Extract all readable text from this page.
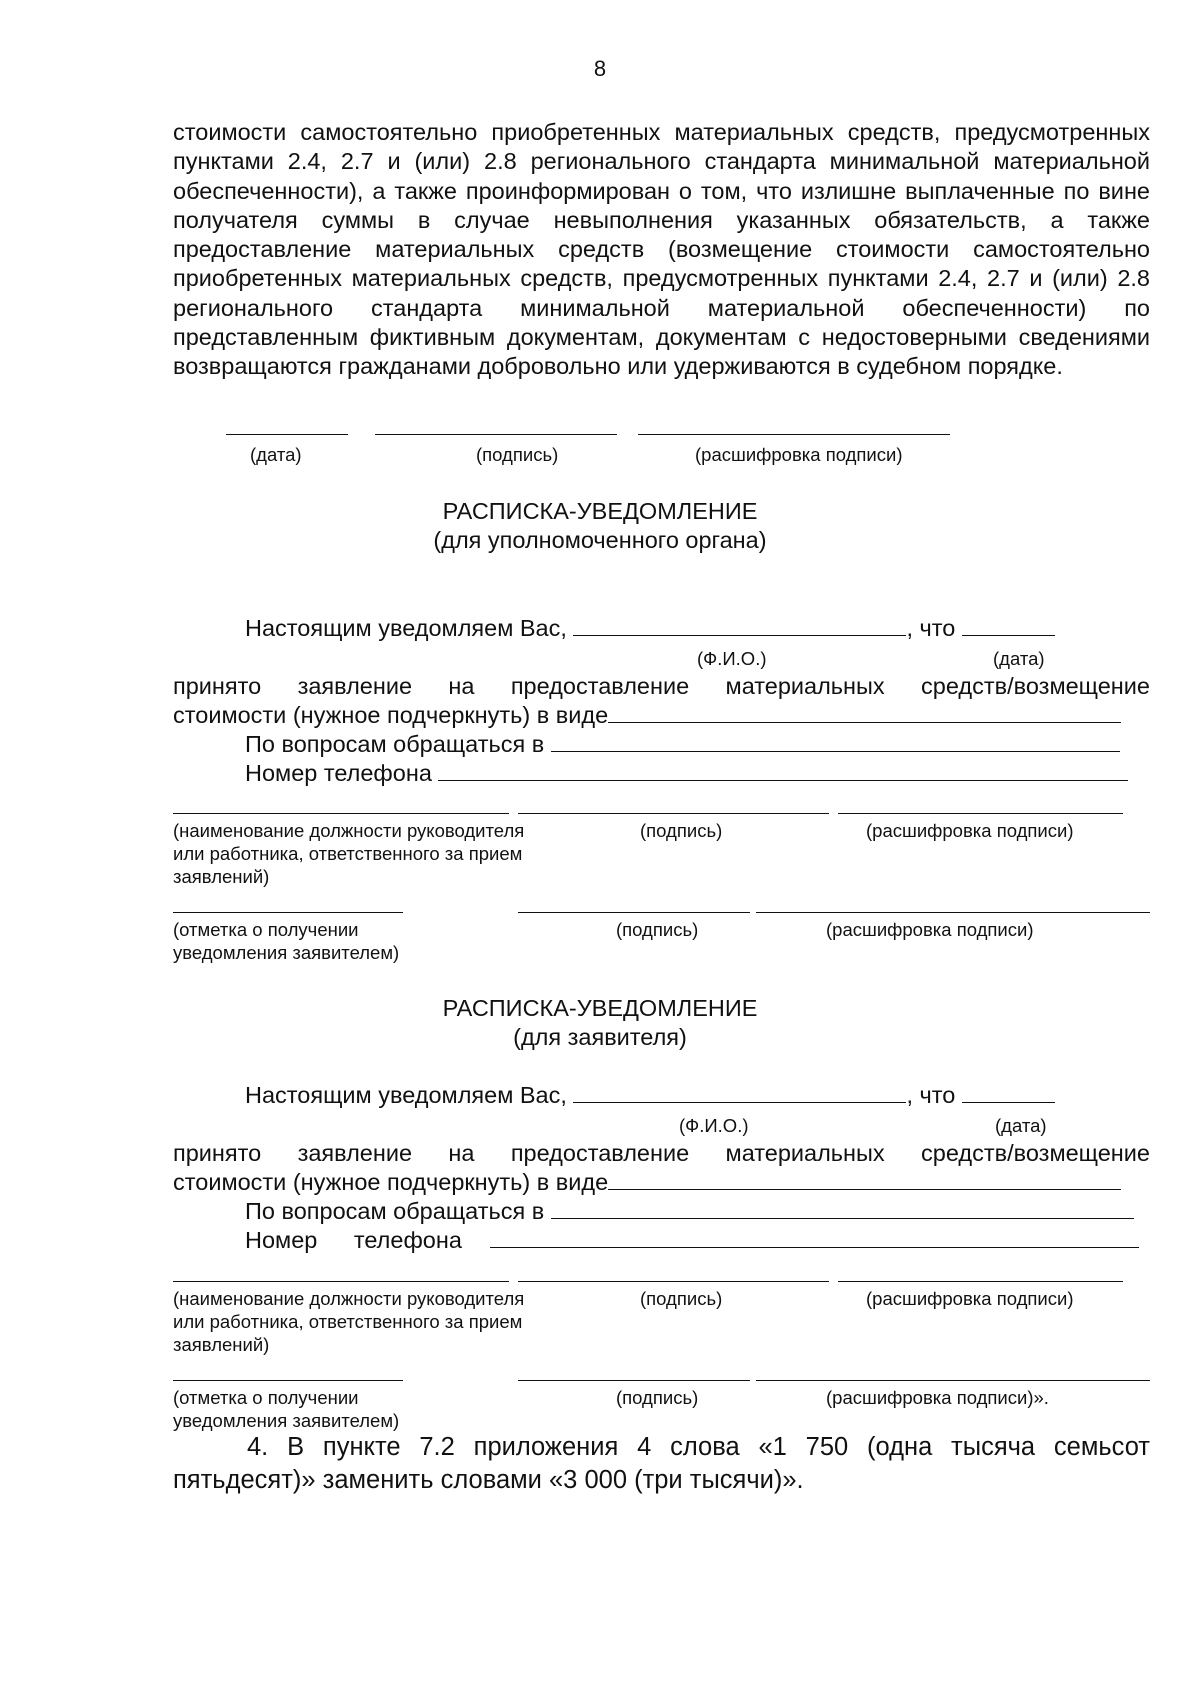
8
стоимости самостоятельно приобретенных материальных средств, предусмотренных пунктами 2.4, 2.7 и (или) 2.8 регионального стандарта минимальной материальной обеспеченности), а также проинформирован о том, что излишне выплаченные по вине получателя суммы в случае невыполнения указанных обязательств, а также предоставление материальных средств (возмещение стоимости самостоятельно приобретенных материальных средств, предусмотренных пунктами 2.4, 2.7 и (или) 2.8 регионального стандарта минимальной материальной обеспеченности) по представленным фиктивным документам, документам с недостоверными сведениями возвращаются гражданами добровольно или удерживаются в судебном порядке.
(дата)	(подпись)	(расшифровка подписи)
РАСПИСКА-УВЕДОМЛЕНИЕ
(для уполномоченного органа)
Настоящим уведомляем Вас,	, что
(Ф.И.О.)	(дата)
принято заявление на предоставление материальных средств/возмещение
стоимости (нужное подчеркнуть) в виде
По вопросам обращаться в
Номер телефона
(наименование должности руководителя или работника, ответственного за прием заявлений)
(подпись)	(расшифровка подписи)
(отметка о получении уведомления заявителем)
(подпись)	(расшифровка подписи)
РАСПИСКА-УВЕДОМЛЕНИЕ
(для заявителя)
Настоящим уведомляем Вас,	, что
(Ф.И.О.)	(дата)
принято заявление на предоставление материальных средств/возмещение
стоимости (нужное подчеркнуть) в виде
По вопросам обращаться в
Номер телефона
(наименование должности руководителя или работника, ответственного за прием заявлений)
(подпись)	(расшифровка подписи)
(отметка о получении уведомления заявителем)
(подпись)	(расшифровка подписи)».
4. В пункте 7.2 приложения 4 слова «1 750 (одна тысяча семьсот пятьдесят)» заменить словами «3 000 (три тысячи)».
